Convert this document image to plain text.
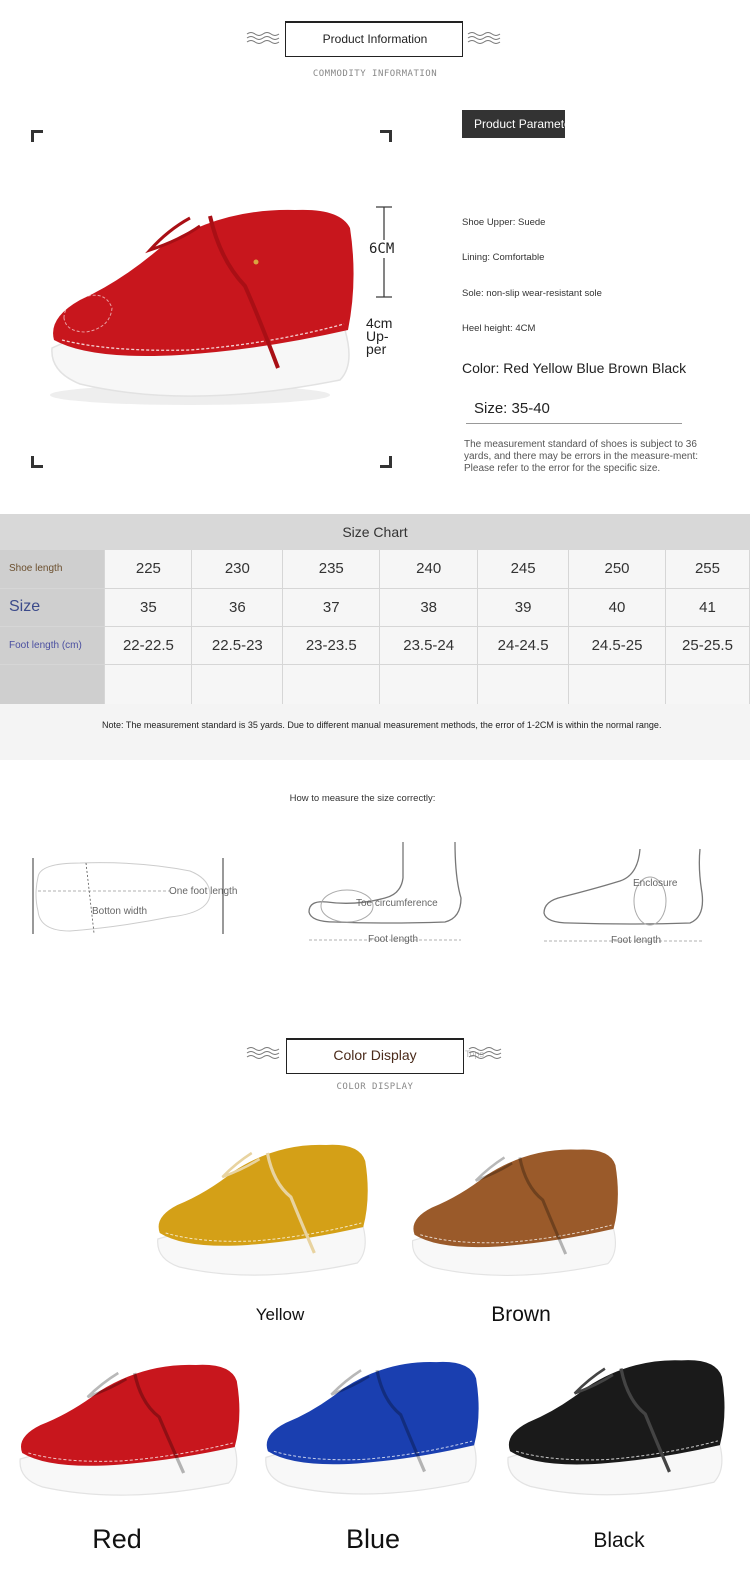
Product Information
COMMODITY INFORMATION
6CM
4cm Up-per
Product Parameters
Shoe Upper: Suede
Lining: Comfortable
Sole: non-slip wear-resistant sole
Heel height: 4CM
Color: Red Yellow Blue Brown Black
Size: 35-40
The measurement standard of shoes is subject to 36 yards, and there may be errors in the measure-ment: Please refer to the error for the specific size.
Size Chart
Shoe length	225	230	235	240	245	250	255
Size	35	36	37	38	39	40	41
Foot length (cm)	22-22.5	22.5-23	23-23.5	23.5-24	24-24.5	24.5-25	25-25.5

Note: The measurement standard is 35 yards. Due to different manual measurement methods, the error of 1-2CM is within the normal range.
How to measure the size correctly:
One foot length
Botton width
Toe circumference
Foot length
Enclosure
Foot length
Color Display	Tops
COLOR DISPLAY
Yellow	Brown
Red	Blue	Black
